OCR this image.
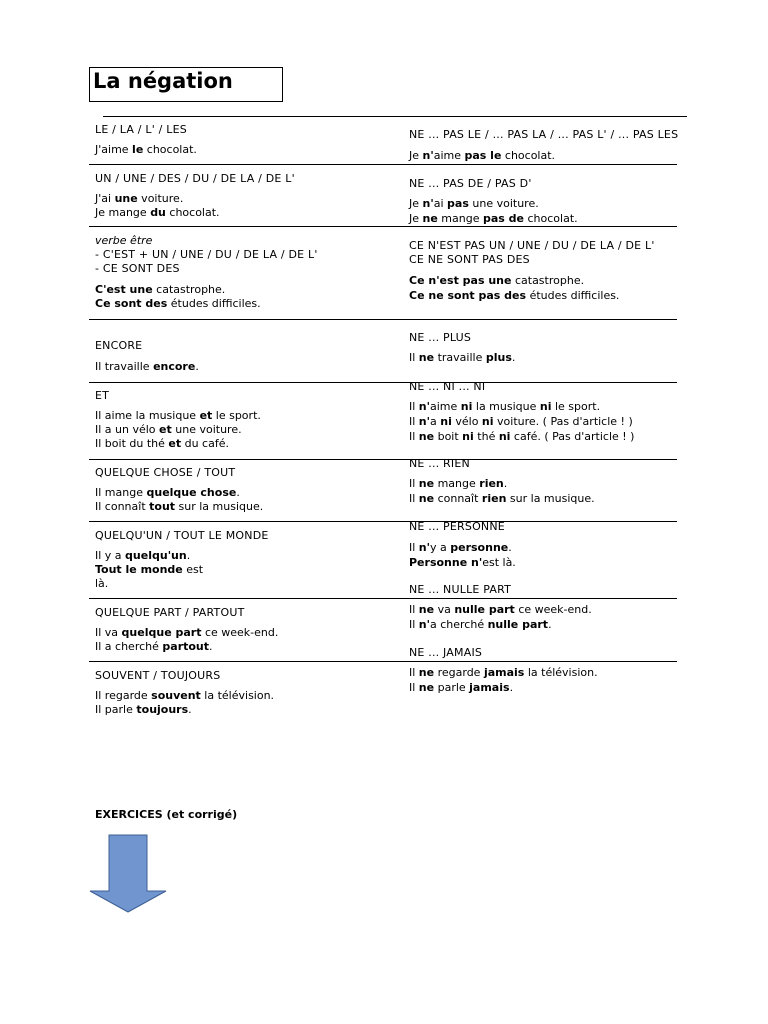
La négation
LE / LA / L' / LES
J'aime le chocolat.
NE ... PAS LE / ... PAS LA / ... PAS L' / ... PAS LES
Je n'aime pas le chocolat.
UN / UNE / DES / DU / DE LA / DE L'
J'ai une voiture.
Je mange du chocolat.
NE ... PAS DE / PAS D'
Je n'ai pas une voiture.
Je ne mange pas de chocolat.
verbe être
- C'EST + UN / UNE / DU / DE LA / DE L'
- CE SONT DES
C'est une catastrophe.
Ce sont des études difficiles.
CE N'EST PAS UN / UNE / DU / DE LA / DE L'
CE NE SONT PAS DES
Ce n'est pas une catastrophe.
Ce ne sont pas des études difficiles.
ENCORE
Il travaille encore.
NE ... PLUS
Il ne travaille plus.
ET
Il aime la musique et le sport.
Il a un vélo et une voiture.
Il boit du thé et du café.
NE ... NI ... NI
Il n'aime ni la musique ni le sport.
Il n'a ni vélo ni voiture. ( Pas d'article ! )
Il ne boit ni thé ni café. ( Pas d'article ! )
QUELQUE CHOSE / TOUT
Il mange quelque chose.
Il connaît tout sur la musique.
NE ... RIEN
Il ne mange rien.
Il ne connaît rien sur la musique.
QUELQU'UN / TOUT LE MONDE
Il y a quelqu'un.
Tout le monde est
là.
NE ... PERSONNE
Il n'y a personne.
Personne n'est là.
NE ... NULLE PART
QUELQUE PART / PARTOUT
Il va quelque part ce week-end.
Il a cherché partout.
Il ne va nulle part ce week-end.
Il n'a cherché nulle part.
NE ... JAMAIS
SOUVENT / TOUJOURS
Il regarde souvent la télévision.
Il parle toujours.
Il ne regarde jamais la télévision.
Il ne parle jamais.
EXERCICES (et corrigé)
